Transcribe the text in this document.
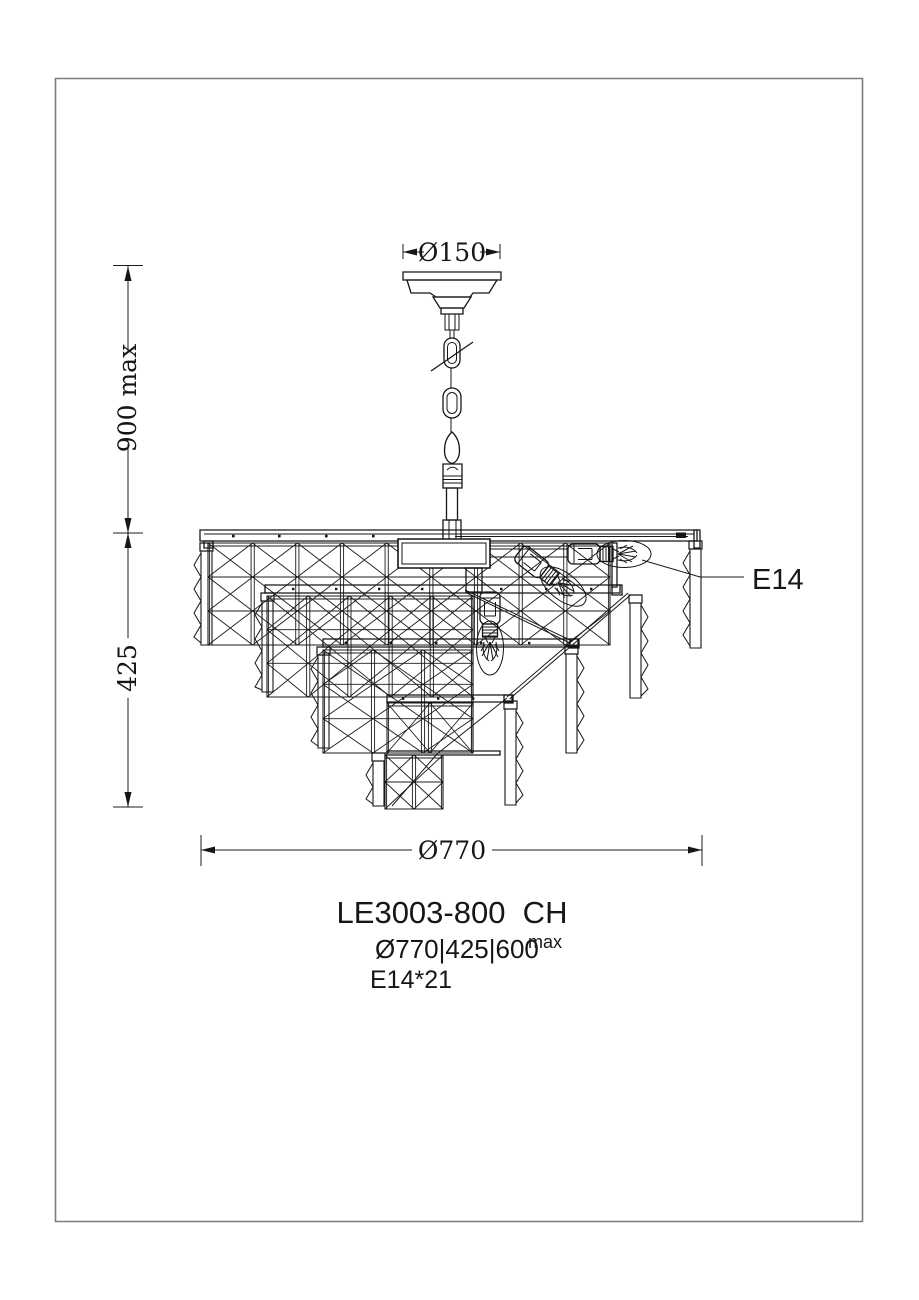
Ø150
900 max
425
E14
Ø770
LE3003-800  CH
Ø770|425|600
max
E14*21
